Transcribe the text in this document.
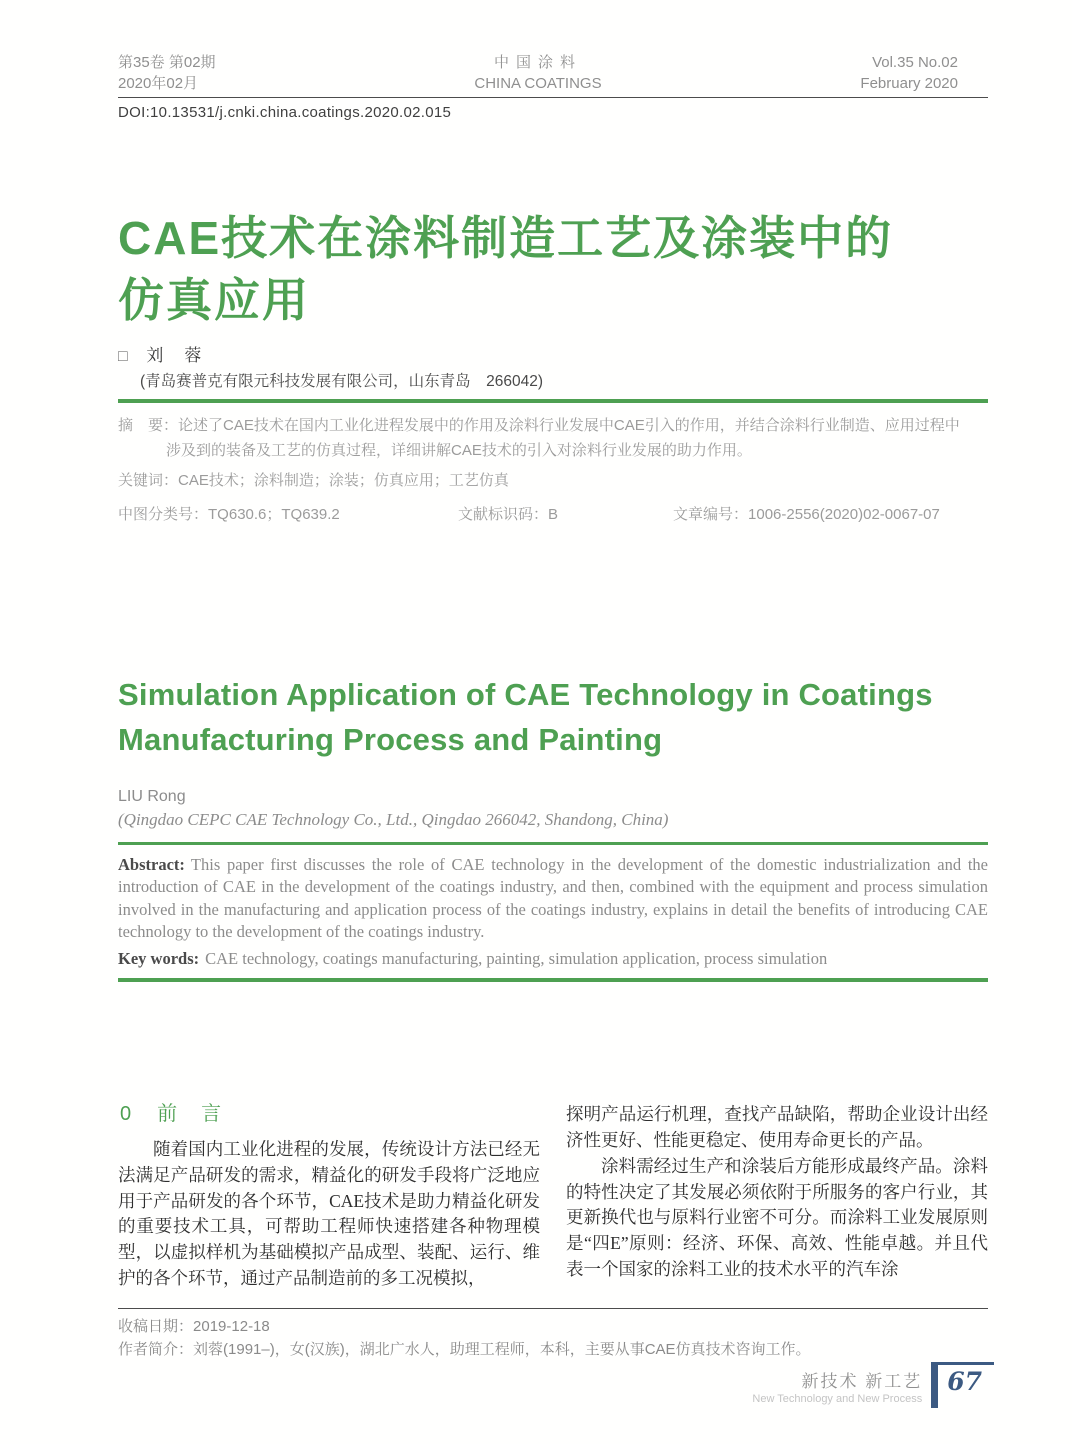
第35卷 第02期
2020年02月
中国涂料
CHINA COATINGS
Vol.35 No.02
February 2020
DOI:10.13531/j.cnki.china.coatings.2020.02.015
CAE技术在涂料制造工艺及涂装中的
仿真应用
□ 刘　蓉
(青岛赛普克有限元科技发展有限公司，山东青岛　266042)
摘　要：论述了CAE技术在国内工业化进程发展中的作用及涂料行业发展中CAE引入的作用，并结合涂料行业制造、应用过程中涉及到的装备及工艺的仿真过程，详细讲解CAE技术的引入对涂料行业发展的助力作用。
关键词：CAE技术；涂料制造；涂装；仿真应用；工艺仿真
中图分类号：TQ630.6；TQ639.2	文献标识码：B	文章编号：1006-2556(2020)02-0067-07
Simulation Application of CAE Technology in Coatings
Manufacturing Process and Painting
LIU Rong
(Qingdao CEPC CAE Technology Co., Ltd., Qingdao 266042, Shandong, China)
Abstract: This paper first discusses the role of CAE technology in the development of the domestic industrialization and the introduction of CAE in the development of the coatings industry, and then, combined with the equipment and process simulation involved in the manufacturing and application process of the coatings industry, explains in detail the benefits of introducing CAE technology to the development of the coatings industry.
Key words: CAE technology, coatings manufacturing, painting, simulation application, process simulation
0 前　言

随着国内工业化进程的发展，传统设计方法已经无法满足产品研发的需求，精益化的研发手段将广泛地应用于产品研发的各个环节，CAE技术是助力精益化研发的重要技术工具，可帮助工程师快速搭建各种物理模型，以虚拟样机为基础模拟产品成型、装配、运行、维护的各个环节，通过产品制造前的多工况模拟，

探明产品运行机理，查找产品缺陷，帮助企业设计出经济性更好、性能更稳定、使用寿命更长的产品。

涂料需经过生产和涂装后方能形成最终产品。涂料的特性决定了其发展必须依附于所服务的客户行业，其更新换代也与原料行业密不可分。而涂料工业发展原则是“四E”原则：经济、环保、高效、性能卓越。并且代表一个国家的涂料工业的技术水平的汽车涂

收稿日期：2019-12-18
作者简介：刘蓉(1991–)，女(汉族)，湖北广水人，助理工程师，本科，主要从事CAE仿真技术咨询工作。
新技术 新工艺
New Technology and New Process
67
